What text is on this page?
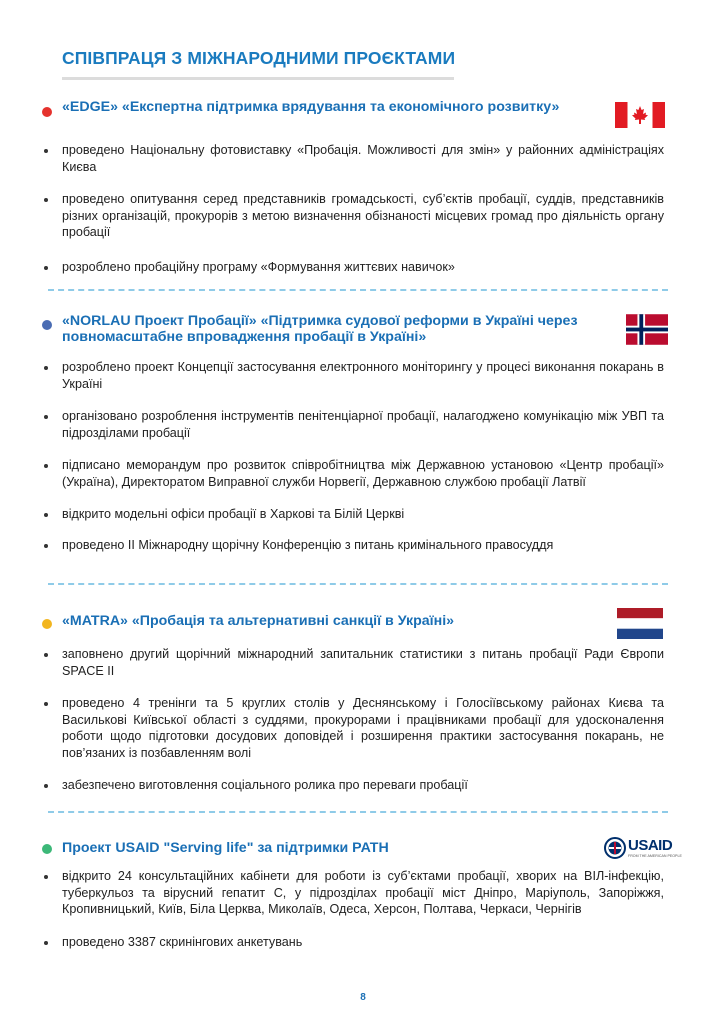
СПІВПРАЦЯ З МІЖНАРОДНИМИ ПРОЄКТАМИ
«EDGE» «Експертна підтримка врядування та економічного розвитку»
проведено Національну фотовиставку «Пробація. Можливості для змін» у районних адміністраціях Києва
проведено опитування серед представників громадськості, суб’єктів пробації, суддів, представників різних організацій, прокурорів з метою визначення обізнаності місцевих громад про діяльність органу пробації
розроблено пробаційну програму «Формування життєвих навичок»
«NORLAU Проект Пробації» «Підтримка судової реформи в Україні через повномасштабне впровадження пробації в Україні»
розроблено проект Концепції застосування електронного моніторингу у процесі виконання покарань в Україні
організовано розроблення інструментів пенітенціарної пробації, налагоджено комунікацію між УВП та підрозділами пробації
підписано меморандум про розвиток співробітництва між Державною установою «Центр пробації» (Україна), Директоратом Виправної служби Норвегії, Державною службою пробації Латвії
відкрито модельні офіси пробації в Харкові та Білій Церкві
проведено ІІ Міжнародну щорічну Конференцію з питань кримінального правосуддя
«MATRA» «Пробація та альтернативні санкції в Україні»
заповнено другий щорічний міжнародний запитальник статистики з питань пробації Ради Європи SPACE II
проведено 4 тренінги та 5 круглих столів у Деснянському і Голосіївському районах Києва та Василькові Київської області з суддями, прокурорами і працівниками пробації для удосконалення роботи щодо підготовки досудових доповідей і розширення практики застосування покарань, не пов’язаних із позбавленням волі
забезпечено виготовлення соціального ролика про переваги пробації
Проект USAID "Serving life" за підтримки PATH	USAID
FROM THE AMERICAN PEOPLE
відкрито 24 консультаційних кабінети для роботи із суб’єктами пробації, хворих на ВІЛ-інфекцію, туберкульоз та вірусний гепатит С, у підрозділах пробації міст Дніпро, Маріуполь, Запоріжжя, Кропивницький, Київ, Біла Церква, Миколаїв, Одеса, Херсон, Полтава, Черкаси, Чернігів
проведено 3387 скринінгових анкетувань
8
